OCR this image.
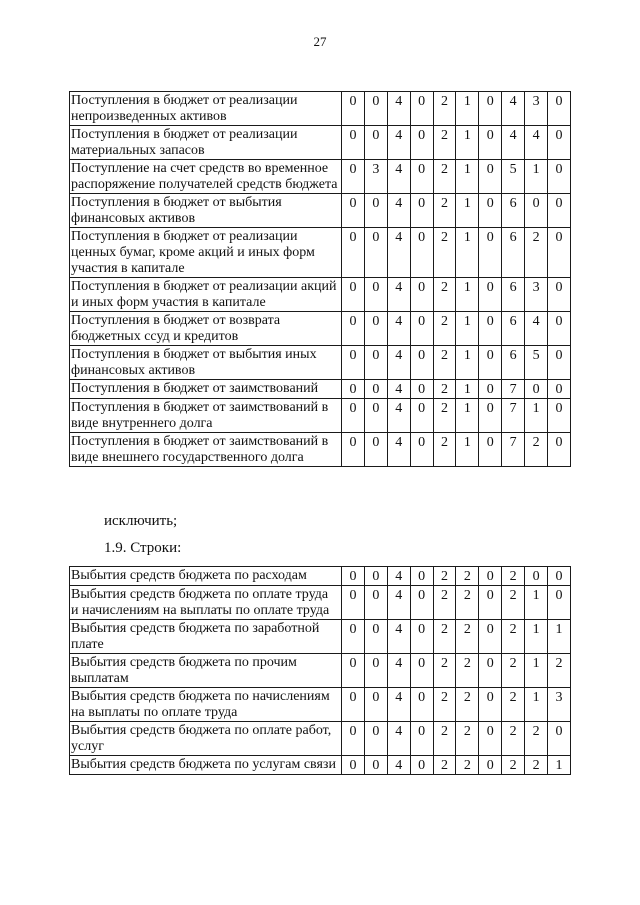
27
Поступления в бюджет от реализации непроизведенных активов	0	0	4	0	2	1	0	4	3	0
Поступления в бюджет от реализации материальных запасов	0	0	4	0	2	1	0	4	4	0
Поступление на счет средств во временное распоряжение получателей средств бюджета	0	3	4	0	2	1	0	5	1	0
Поступления в бюджет от выбытия финансовых активов	0	0	4	0	2	1	0	6	0	0
Поступления в бюджет от реализации ценных бумаг, кроме акций и иных форм участия в капитале	0	0	4	0	2	1	0	6	2	0
Поступления в бюджет от реализации акций и иных форм участия в капитале	0	0	4	0	2	1	0	6	3	0
Поступления в бюджет от возврата бюджетных ссуд и кредитов	0	0	4	0	2	1	0	6	4	0
Поступления в бюджет от выбытия иных финансовых активов	0	0	4	0	2	1	0	6	5	0
Поступления в бюджет от заимствований	0	0	4	0	2	1	0	7	0	0
Поступления в бюджет от заимствований в виде внутреннего долга	0	0	4	0	2	1	0	7	1	0
Поступления в бюджет от заимствований в виде внешнего государственного долга	0	0	4	0	2	1	0	7	2	0
исключить;
1.9. Строки:
Выбытия средств бюджета по расходам	0	0	4	0	2	2	0	2	0	0
Выбытия средств бюджета по оплате труда и начислениям на выплаты по оплате труда	0	0	4	0	2	2	0	2	1	0
Выбытия средств бюджета по заработной плате	0	0	4	0	2	2	0	2	1	1
Выбытия средств бюджета по прочим выплатам	0	0	4	0	2	2	0	2	1	2
Выбытия средств бюджета по начислениям на выплаты по оплате труда	0	0	4	0	2	2	0	2	1	3
Выбытия средств бюджета по оплате работ, услуг	0	0	4	0	2	2	0	2	2	0
Выбытия средств бюджета по услугам связи	0	0	4	0	2	2	0	2	2	1
